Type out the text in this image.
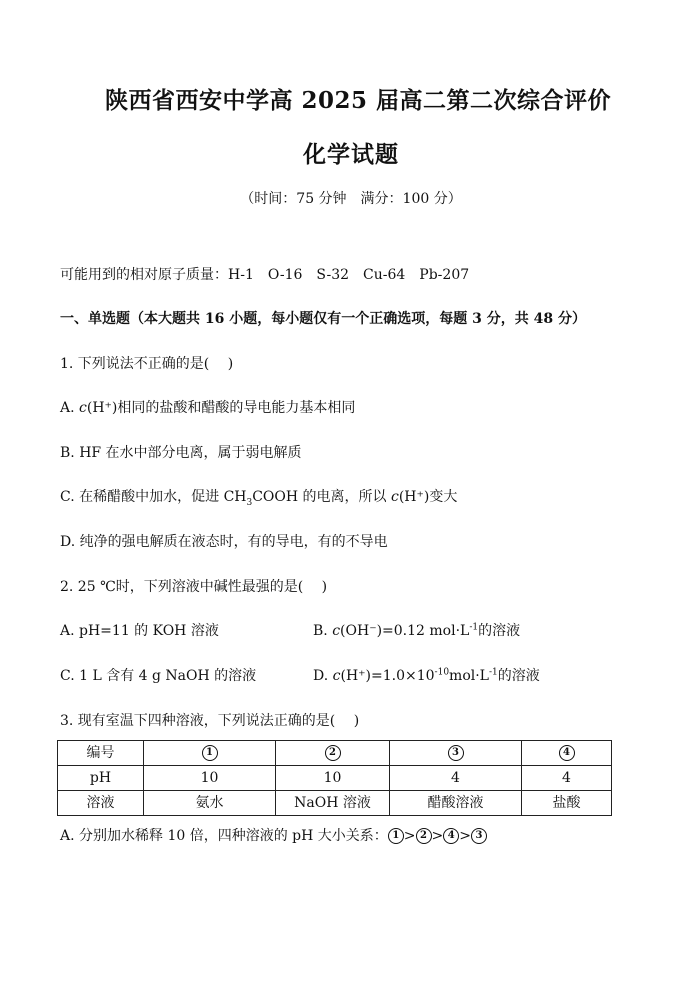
陕西省西安中学高 2025 届高二第二次综合评价
化学试题
（时间：75 分钟　满分：100 分）
可能用到的相对原子质量：H-1　O-16　S-32　Cu-64　Pb-207
一、单选题（本大题共 16 小题，每小题仅有一个正确选项，每题 3 分，共 48 分）
1. 下列说法不正确的是(　 )
A. c(H⁺)相同的盐酸和醋酸的导电能力基本相同
B. HF 在水中部分电离，属于弱电解质
C. 在稀醋酸中加水，促进 $CH_3COOH$ 的电离，所以 c(H⁺)变大
D. 纯净的强电解质在液态时，有的导电，有的不导电
2. 25 ℃时，下列溶液中碱性最强的是(　 )
A. pH=11 的 KOH 溶液	B. c(OH⁻)=0.12 $mol\cdot L^{-1}$的溶液
C. 1 L 含有 4 g NaOH 的溶液	D. $c(H^+)=1.0\times 10^{-10}mol\cdot L^{-1}$的溶液
3. 现有室温下四种溶液，下列说法正确的是(　 )
编号	1	2	3	4
pH	10	10	4	4
溶液	氨水	NaOH 溶液	醋酸溶液	盐酸
A. 分别加水稀释 10 倍，四种溶液的 pH 大小关系： 1 > 2 > 4 > 3
